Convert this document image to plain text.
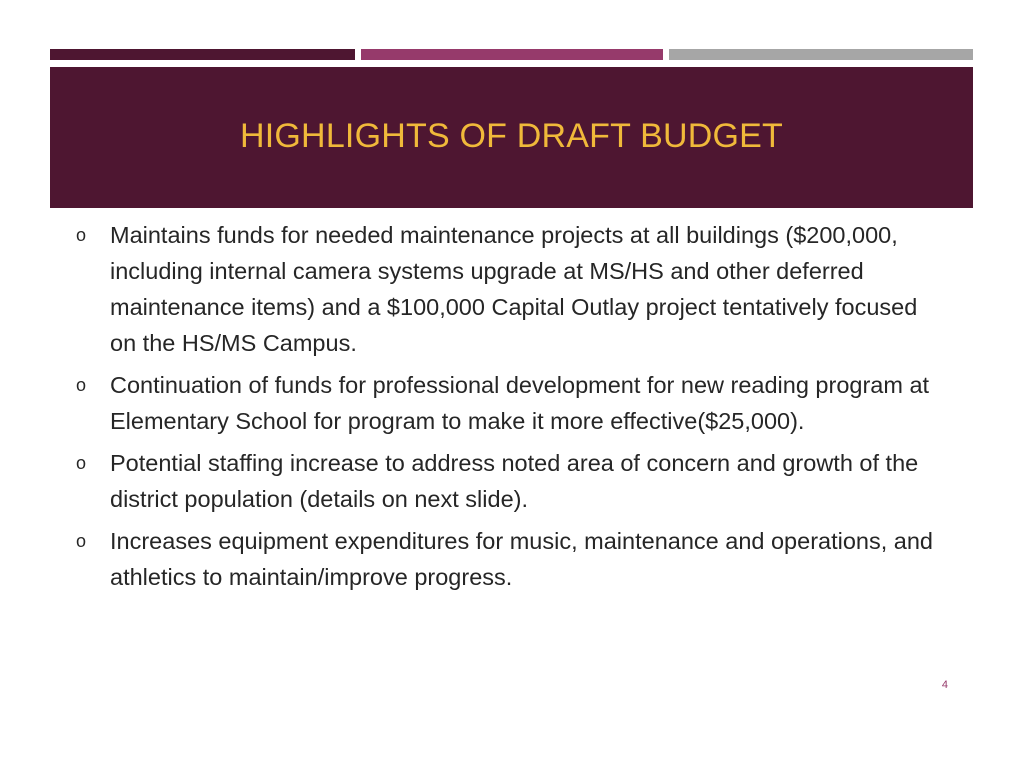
HIGHLIGHTS OF DRAFT BUDGET
o Maintains funds for needed maintenance projects at all buildings ($200,000, including internal camera systems upgrade at MS/HS and other deferred maintenance items) and a $100,000 Capital Outlay project tentatively focused on the HS/MS Campus.
o Continuation of funds for professional development for new reading program at Elementary School for program to make it more effective($25,000).
o Potential staffing increase to address noted area of concern and growth of the district population (details on next slide).
o Increases equipment expenditures for music, maintenance and operations, and athletics to maintain/improve progress.
4
